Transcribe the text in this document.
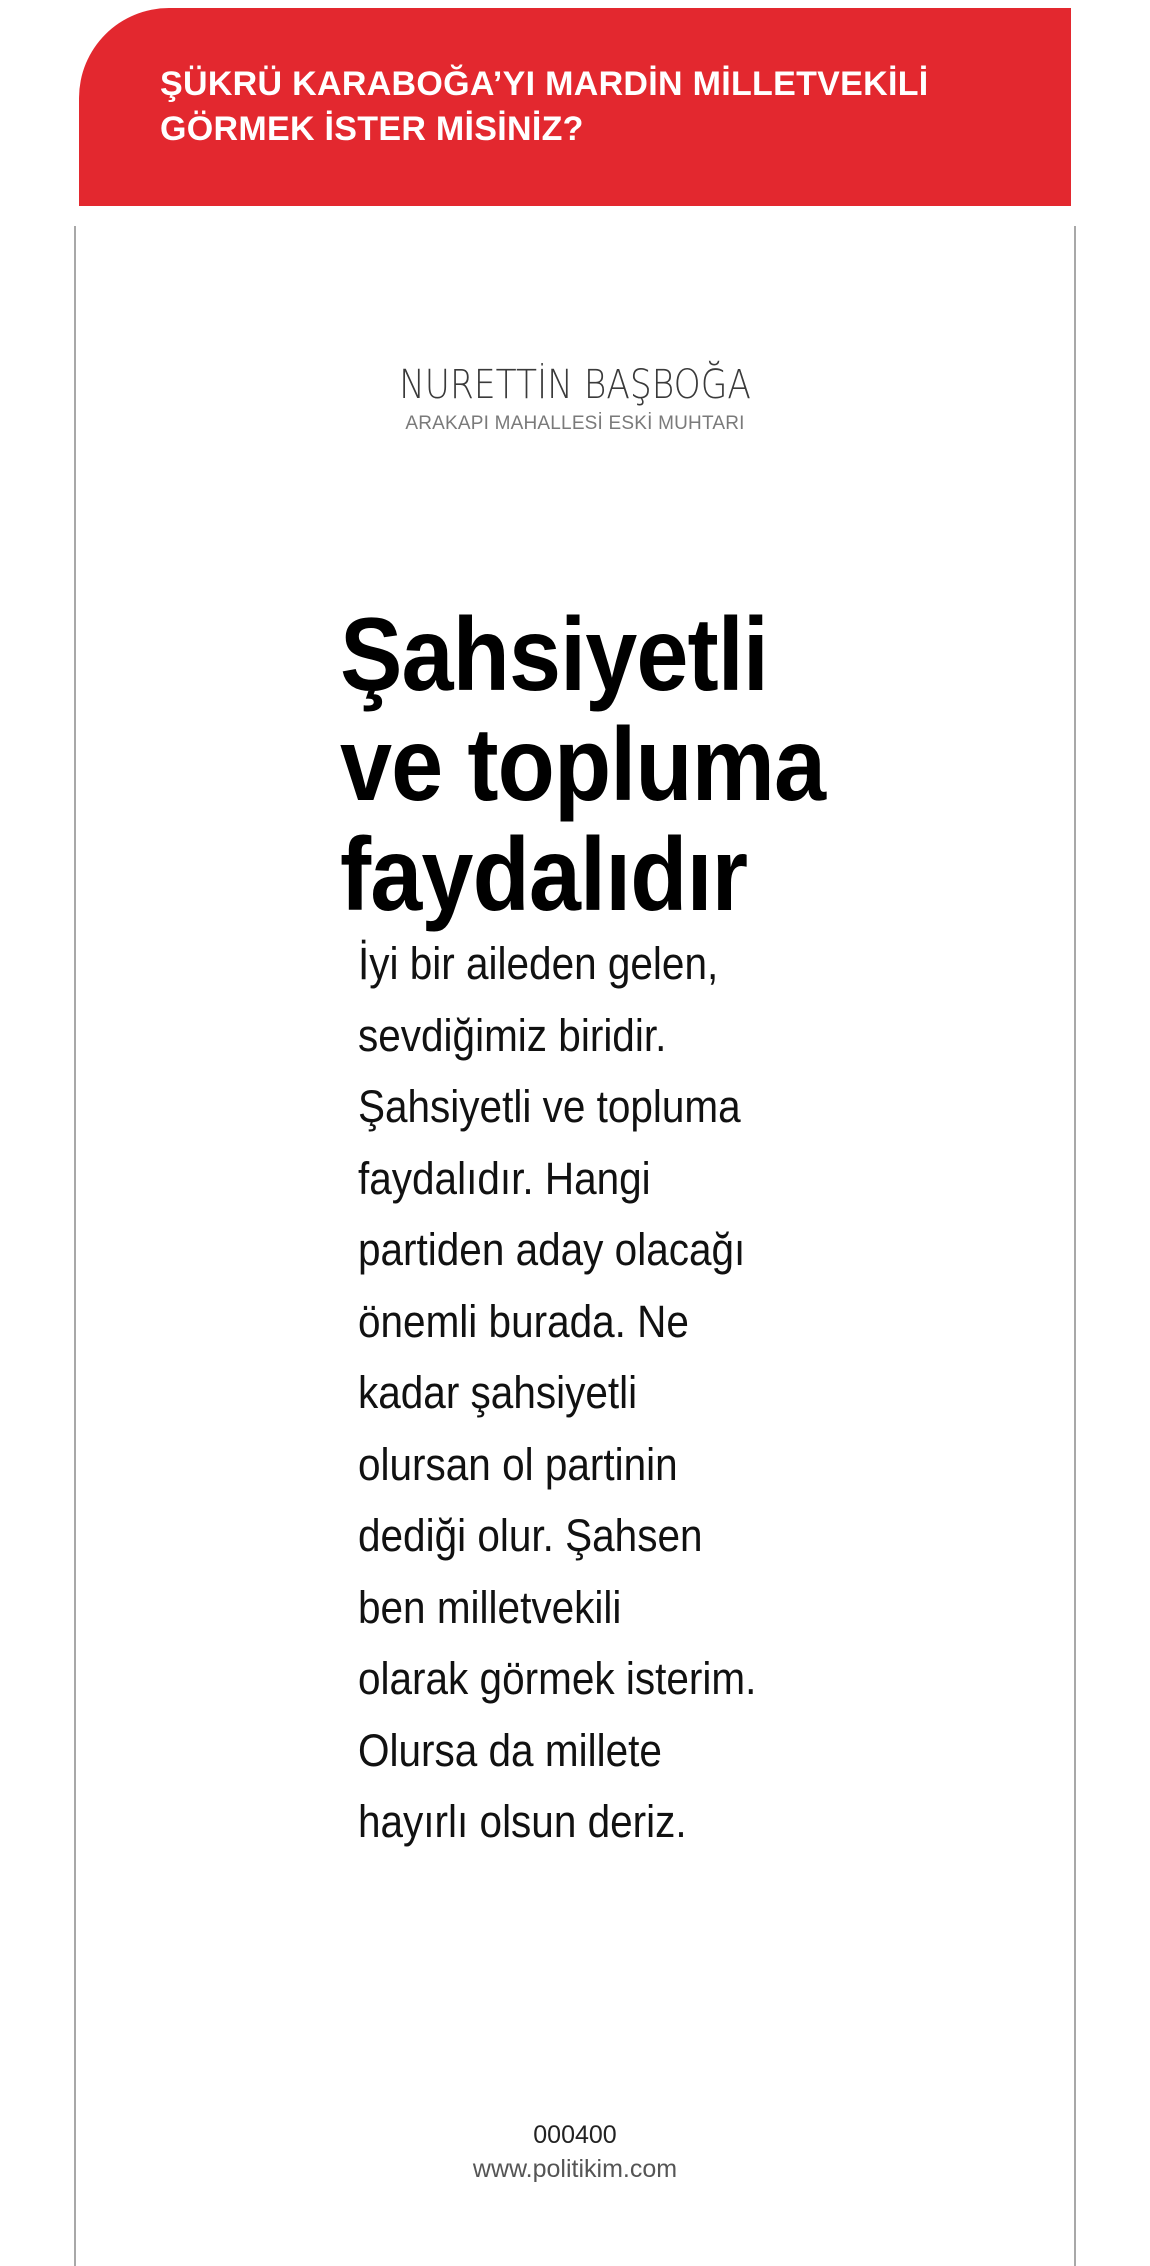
ŞÜKRÜ KARABOĞA’YI MARDİN MİLLETVEKİLİ
GÖRMEK İSTER MİSİNİZ?
NURETTİN BAŞBOĞA
ARAKAPI MAHALLESİ ESKİ MUHTARI
Şahsiyetli
ve topluma
faydalıdır
İyi bir aileden gelen,
sevdiğimiz biridir.
Şahsiyetli ve topluma
faydalıdır. Hangi
partiden aday olacağı
önemli burada. Ne
kadar şahsiyetli
olursan ol partinin
dediği olur. Şahsen
ben milletvekili
olarak görmek isterim.
Olursa da millete
hayırlı olsun deriz.
000400
www.politikim.com
